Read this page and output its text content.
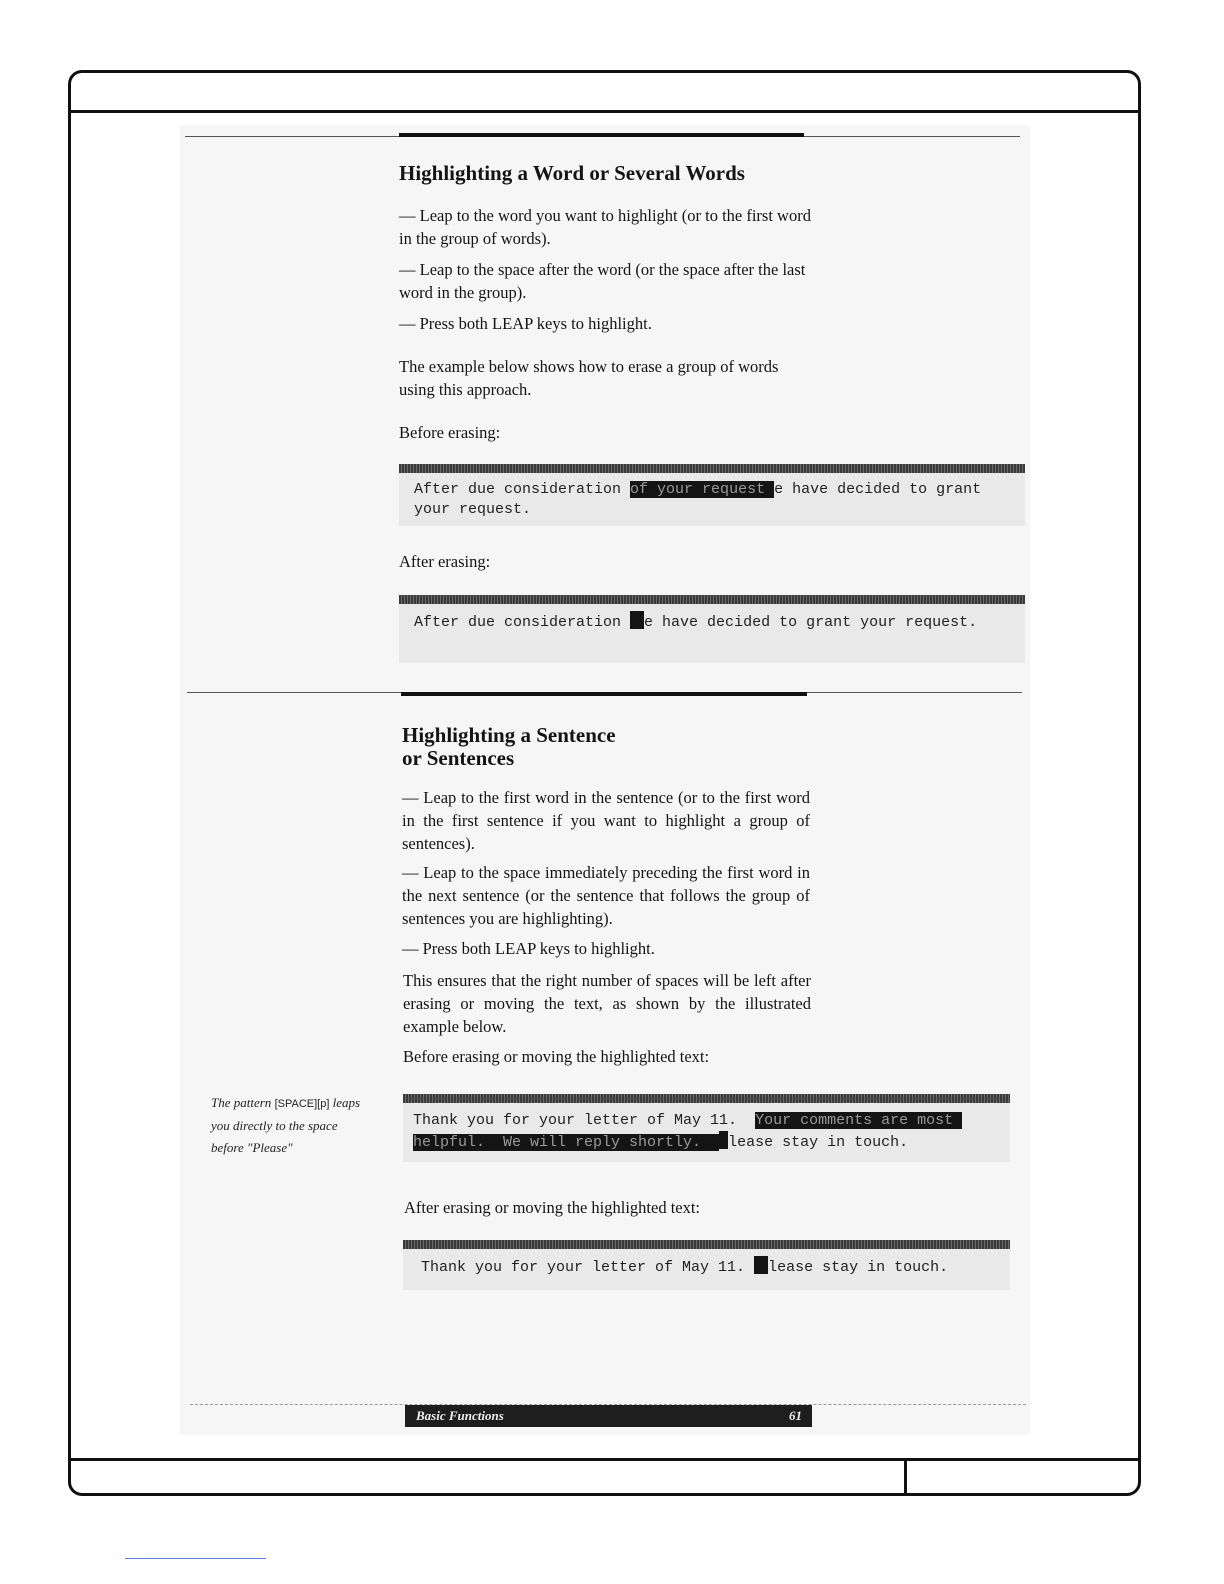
Highlighting a Word or Several Words

— Leap to the word you want to highlight (or to the first word in the group of words).

— Leap to the space after the word (or the space after the last word in the group).

— Press both LEAP keys to highlight.

The example below shows how to erase a group of words using this approach.

Before erasing:

After due consideration of your request e have decided to grant
your request.

After erasing:

After due consideration e have decided to grant your request.
Highlighting a Sentence
or Sentences

— Leap to the first word in the sentence (or to the first word in the first sentence if you want to highlight a group of sentences).

— Leap to the space immediately preceding the first word in the next sentence (or the sentence that follows the group of sentences you are highlighting).

— Press both LEAP keys to highlight.

This ensures that the right number of spaces will be left after erasing or moving the text, as shown by the illustrated example below.

Before erasing or moving the highlighted text:

The pattern [SPACE][p] leaps you directly to the space before "Please"
Thank you for your letter of May 11.  Your comments are most
helpful.  We will reply shortly.  lease stay in touch.

After erasing or moving the highlighted text:

Thank you for your letter of May 11. lease stay in touch.
Basic Functions	61
